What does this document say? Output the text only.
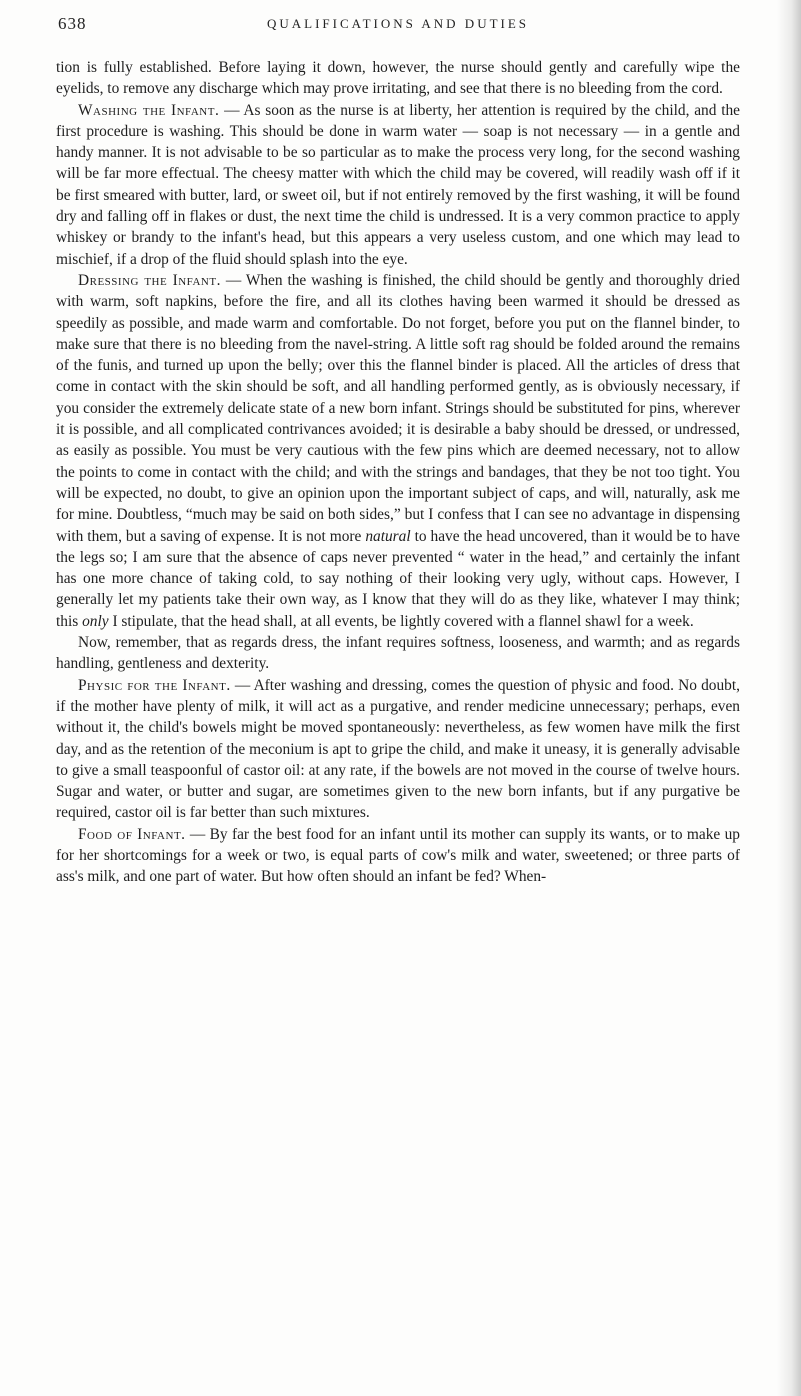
638	QUALIFICATIONS AND DUTIES

tion is fully established. Before laying it down, however, the nurse should gently and carefully wipe the eyelids, to remove any discharge which may prove irritating, and see that there is no bleeding from the cord.

Washing the Infant. — As soon as the nurse is at liberty, her attention is required by the child, and the first procedure is washing. This should be done in warm water — soap is not necessary — in a gentle and handy manner. It is not advisable to be so particular as to make the process very long, for the second washing will be far more effectual. The cheesy matter with which the child may be covered, will readily wash off if it be first smeared with butter, lard, or sweet oil, but if not entirely removed by the first washing, it will be found dry and falling off in flakes or dust, the next time the child is undressed. It is a very common practice to apply whiskey or brandy to the infant's head, but this appears a very useless custom, and one which may lead to mischief, if a drop of the fluid should splash into the eye.

Dressing the Infant. — When the washing is finished, the child should be gently and thoroughly dried with warm, soft napkins, before the fire, and all its clothes having been warmed it should be dressed as speedily as possible, and made warm and comfortable. Do not forget, before you put on the flannel binder, to make sure that there is no bleeding from the navel-string. A little soft rag should be folded around the remains of the funis, and turned up upon the belly; over this the flannel binder is placed. All the articles of dress that come in contact with the skin should be soft, and all handling performed gently, as is obviously necessary, if you consider the extremely delicate state of a new born infant. Strings should be substituted for pins, wherever it is possible, and all complicated contrivances avoided; it is desirable a baby should be dressed, or undressed, as easily as possible. You must be very cautious with the few pins which are deemed necessary, not to allow the points to come in contact with the child; and with the strings and bandages, that they be not too tight. You will be expected, no doubt, to give an opinion upon the important subject of caps, and will, naturally, ask me for mine. Doubtless, “much may be said on both sides,” but I confess that I can see no advantage in dispensing with them, but a saving of expense. It is not more natural to have the head uncovered, than it would be to have the legs so; I am sure that the absence of caps never prevented “ water in the head,” and certainly the infant has one more chance of taking cold, to say nothing of their looking very ugly, without caps. However, I generally let my patients take their own way, as I know that they will do as they like, whatever I may think; this only I stipulate, that the head shall, at all events, be lightly covered with a flannel shawl for a week.

Now, remember, that as regards dress, the infant requires softness, looseness, and warmth; and as regards handling, gentleness and dexterity.

Physic for the Infant. — After washing and dressing, comes the question of physic and food. No doubt, if the mother have plenty of milk, it will act as a purgative, and render medicine unnecessary; perhaps, even without it, the child's bowels might be moved spontaneously: nevertheless, as few women have milk the first day, and as the retention of the meconium is apt to gripe the child, and make it uneasy, it is generally advisable to give a small teaspoonful of castor oil: at any rate, if the bowels are not moved in the course of twelve hours. Sugar and water, or butter and sugar, are sometimes given to the new born infants, but if any purgative be required, castor oil is far better than such mixtures.

Food of Infant. — By far the best food for an infant until its mother can supply its wants, or to make up for her shortcomings for a week or two, is equal parts of cow's milk and water, sweetened; or three parts of ass's milk, and one part of water. But how often should an infant be fed? When-
